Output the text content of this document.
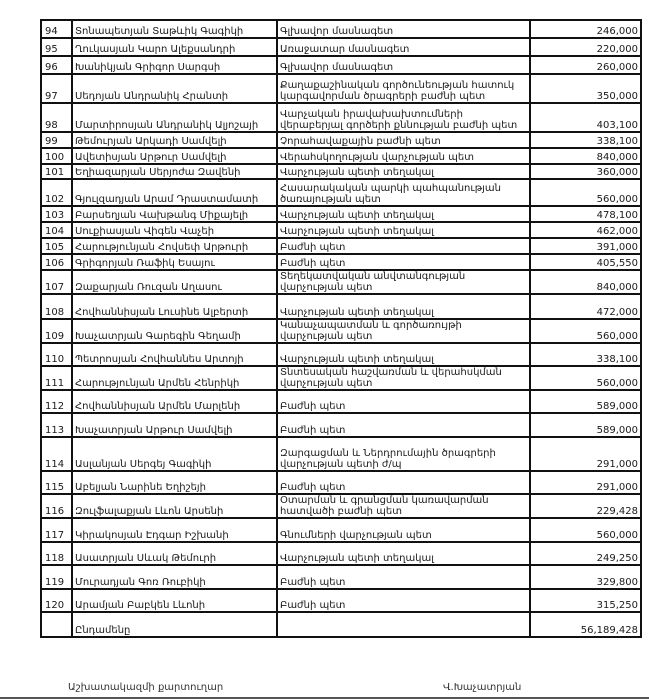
94	Տոնապետյան Տաթևիկ Գագիկի	Գլխավոր մասնագետ	246,000
95	Ղուկասյան Կարո Ալեքսանդրի	Առաջատար մասնագետ	220,000
96	Խանիկյան Գրիգոր Սարգսի	Գլխավոր մասնագետ	260,000
97	Սեդոյան Անդրանիկ Հրանտի	Քաղաքաշինական գործունեության հատուկ կարգավորման ծրագրերի բաժնի պետ	350,000
98	Մարտիրոսյան Անդրանիկ Ալյոշայի	Վարչական իրավախախտումների վերաբերյալ գործերի քննության բաժնի պետ	403,100
99	Թեմուրյան Արկադի Սամվելի	Չորահավաքային բաժնի պետ	338,100
100	Ավետիսյան Արթուր Սամվելի	Վերահսկողության վարչության պետ	840,000
101	Եղիազարյան Սերյոժա Զավենի	Վարչության պետի տեղակալ	360,000
102	Գյուլզադյան Արամ Դրաստամատի	Հասարակական պարկի պահպանության ծառայության պետ	560,000
103	Բարսեղյան Վախթանգ Միքայելի	Վարչության պետի տեղակալ	478,100
104	Սուքիասյան Վիգեն Վաչեի	Վարչության պետի տեղակալ	462,000
105	Հարությունյան Հովսեփ Արթուրի	Բաժնի պետ	391,000
106	Գրիգորյան Ռաֆիկ Եսայու	Բաժնի պետ	405,550
107	Զաքարյան Ռուզան Աղասու	Տեղեկատվական անվտանգության վարչության պետ	840,000
108	Հովհաննիսյան Լուսինե Ալբերտի	Վարչության պետի տեղակալ	472,000
109	Խաչատրյան Գարեգին Գեղամի	Կանաչապատման և գործառույթի վարչության պետ	560,000
110	Պետրոսյան Հովհաննես Արտոյի	Վարչության պետի տեղակալ	338,100
111	Հարությունյան Արմեն Հենրիկի	Տնտեսական հաշվառման և վերահսկման վարչության պետ	560,000
112	Հովհաննիսյան Արմեն Մարլենի	Բաժնի պետ	589,000
113	Խաչատրյան Արթուր Սամվելի	Բաժնի պետ	589,000
114	Ասլանյան Սերգեյ Գագիկի	Զարգացման և Ներդրումային ծրագրերի վարչության պետի ժ/պ	291,000
115	Աբելյան Նարինե Եղիշեյի	Բաժնի պետ	291,000
116	Զուլֆալաքյան Լևոն Արսենի	Օտարման և գրանցման կառավարման հատվածի բաժնի պետ	229,428
117	Կիրակոսյան Էդգար Իշխանի	Գնումների վարչության պետ	560,000
118	Ասատրյան Սևակ Թեմուրի	Վարչության պետի տեղակալ	249,250
119	Մուրադյան Գոռ Ռուբիկի	Բաժնի պետ	329,800
120	Արամյան Բաբկեն Լևոնի	Բաժնի պետ	315,250
	Ընդամենը		56,189,428
Աշխատակազմի քարտուղար	Վ.Խաչատրյան
